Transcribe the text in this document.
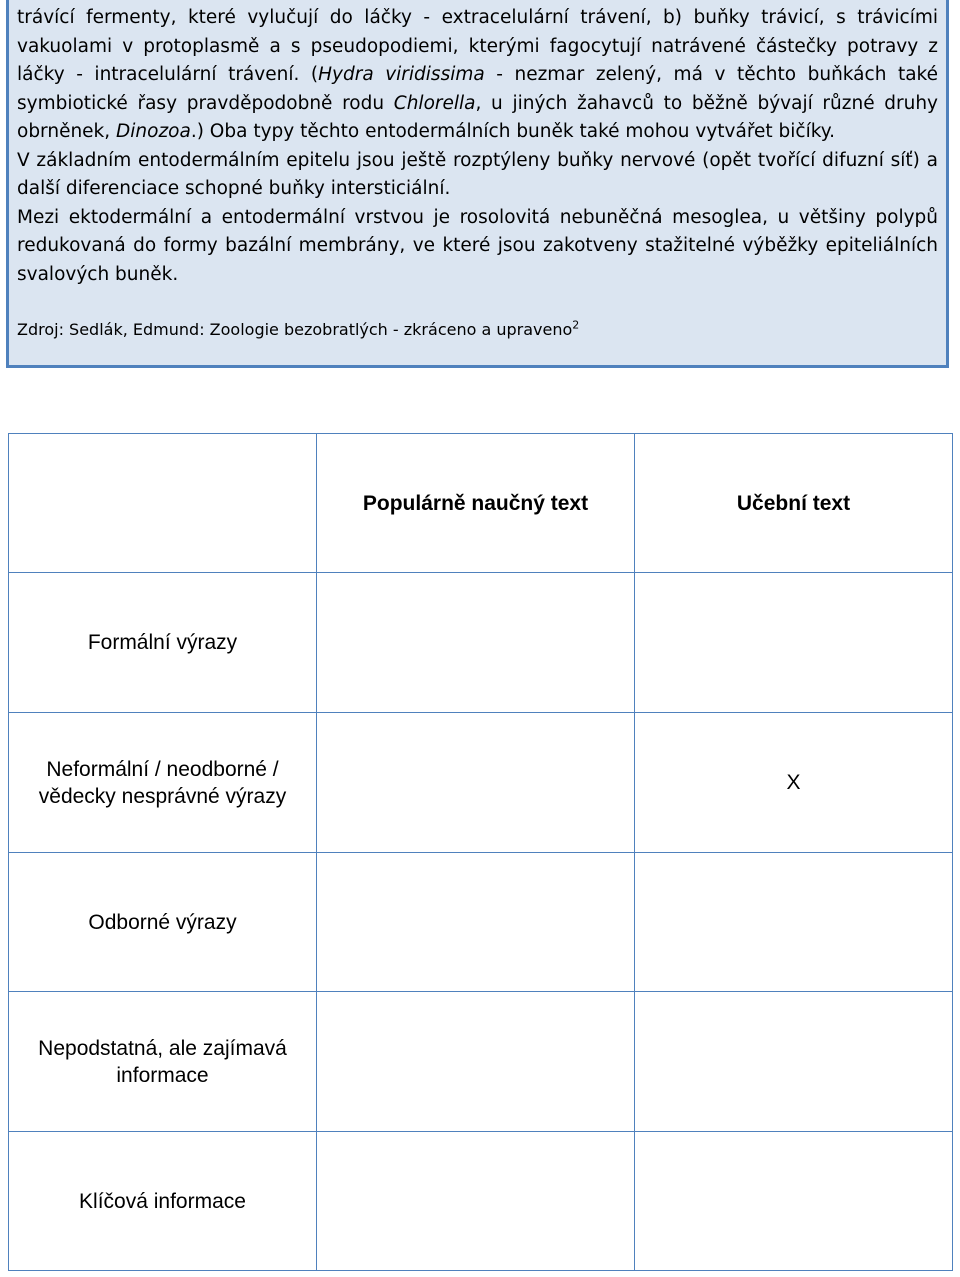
trávící fermenty, které vylučují do láčky - extracelulární trávení, b) buňky trávicí, s trávicími vakuolami v protoplasmě a s pseudopodiemi, kterými fagocytují natrávené částečky potravy z láčky - intracelulární trávení. (Hydra viridissima - nezmar zelený, má v těchto buňkách také symbiotické řasy pravděpodobně rodu Chlorella, u jiných žahavců to běžně bývají různé druhy obrněnek, Dinozoa.) Oba typy těchto entodermálních buněk také mohou vytvářet bičíky.

V základním entodermálním epitelu jsou ještě rozptýleny buňky nervové (opět tvořící difuzní síť) a další diferenciace schopné buňky intersticiální.

Mezi ektodermální a entodermální vrstvou je rosolovitá nebuněčná mesoglea, u většiny polypů redukovaná do formy bazální membrány, ve které jsou zakotveny stažitelné výběžky epiteliálních svalových buněk.

Zdroj: Sedlák, Edmund: Zoologie bezobratlých - zkráceno a upraveno$^2$
	Populárně naučný text	Učební text
Formální výrazy		
Neformální / neodborné / vědecky nesprávné výrazy		X
Odborné výrazy		
Nepodstatná, ale zajímavá informace		
Klíčová informace		
